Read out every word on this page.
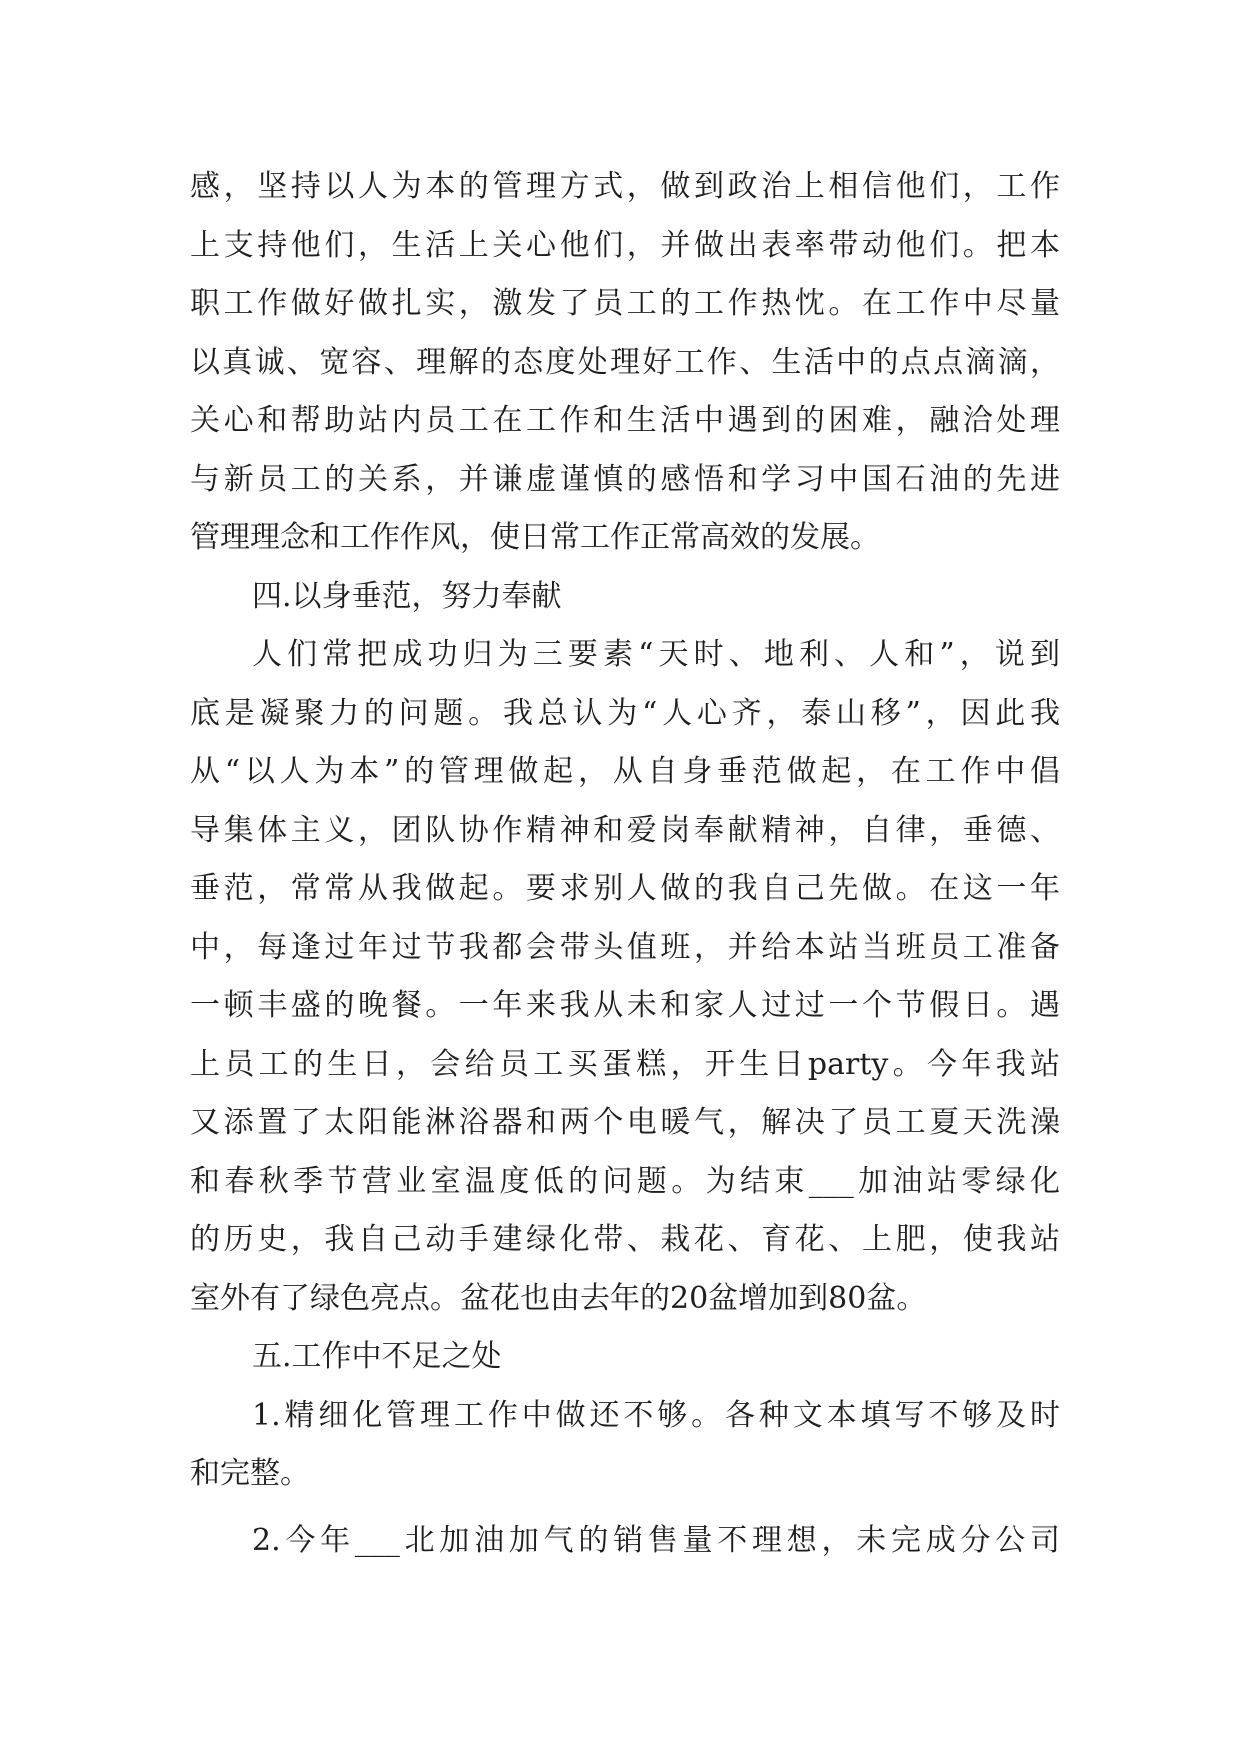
感，坚持以人为本的管理方式，做到政治上相信他们，工作
上支持他们，生活上关心他们，并做出表率带动他们。把本
职工作做好做扎实，激发了员工的工作热忱。在工作中尽量
以真诚、宽容、理解的态度处理好工作、生活中的点点滴滴，
关心和帮助站内员工在工作和生活中遇到的困难，融洽处理
与新员工的关系，并谦虚谨慎的感悟和学习中国石油的先进
管理理念和工作作风，使日常工作正常高效的发展。
四.以身垂范，努力奉献
人们常把成功归为三要素“天时、地利、人和”，说到
底是凝聚力的问题。我总认为“人心齐，泰山移”，因此我
从“以人为本”的管理做起，从自身垂范做起，在工作中倡
导集体主义，团队协作精神和爱岗奉献精神，自律，垂德、
垂范，常常从我做起。要求别人做的我自己先做。在这一年
中，每逢过年过节我都会带头值班，并给本站当班员工准备
一顿丰盛的晚餐。一年来我从未和家人过过一个节假日。遇
上员工的生日，会给员工买蛋糕，开生日party。今年我站
又添置了太阳能淋浴器和两个电暖气，解决了员工夏天洗澡
和春秋季节营业室温度低的问题。为结束___加油站零绿化
的历史，我自己动手建绿化带、栽花、育花、上肥，使我站
室外有了绿色亮点。盆花也由去年的20盆增加到80盆。
五.工作中不足之处
1.精细化管理工作中做还不够。各种文本填写不够及时
和完整。
2.今年___北加油加气的销售量不理想，未完成分公司
